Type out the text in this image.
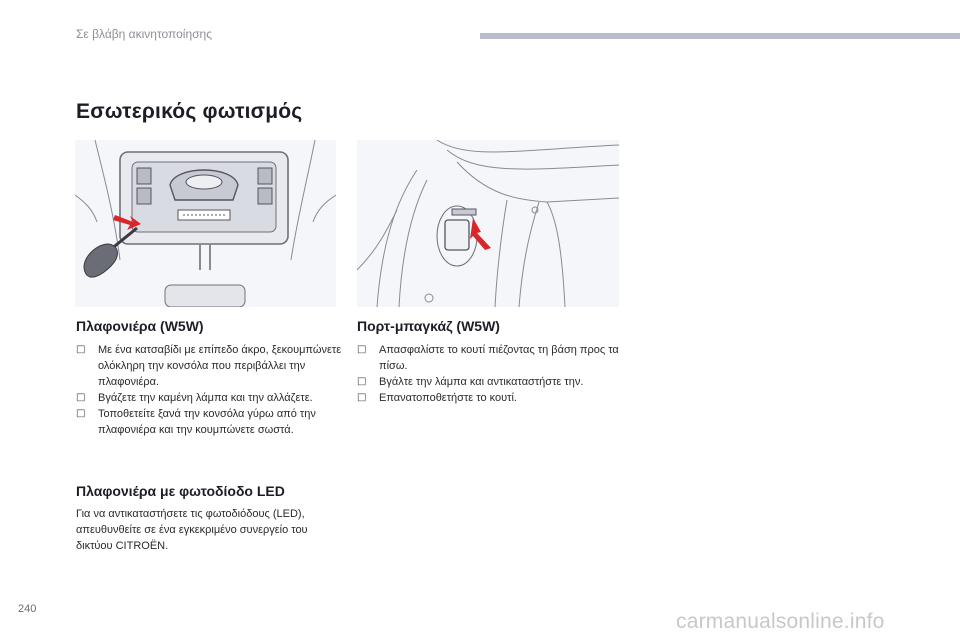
Σε βλάβη ακινητοποίησης
Εσωτερικός φωτισμός
Πλαφονιέρα (W5W)
□	Με ένα κατσαβίδι με επίπεδο άκρο, ξεκουμπώνετε ολόκληρη την κονσόλα που περιβάλλει την πλαφονιέρα.
□	Βγάζετε την καμένη λάμπα και την αλλάζετε.
□	Τοποθετείτε ξανά την κονσόλα γύρω από την πλαφονιέρα και την κουμπώνετε σωστά.
Πορτ-μπαγκάζ (W5W)
□	Απασφαλίστε το κουτί πιέζοντας τη βάση προς τα πίσω.
□	Βγάλτε την λάμπα και αντικαταστήστε την.
□	Επανατοποθετήστε το κουτί.
Πλαφονιέρα με φωτοδίοδο LED

Για να αντικαταστήσετε τις φωτοδιόδους (LED), απευθυνθείτε σε ένα εγκεκριμένο συνεργείο του δικτύου CITROËN.

240
carmanualsonline.info
